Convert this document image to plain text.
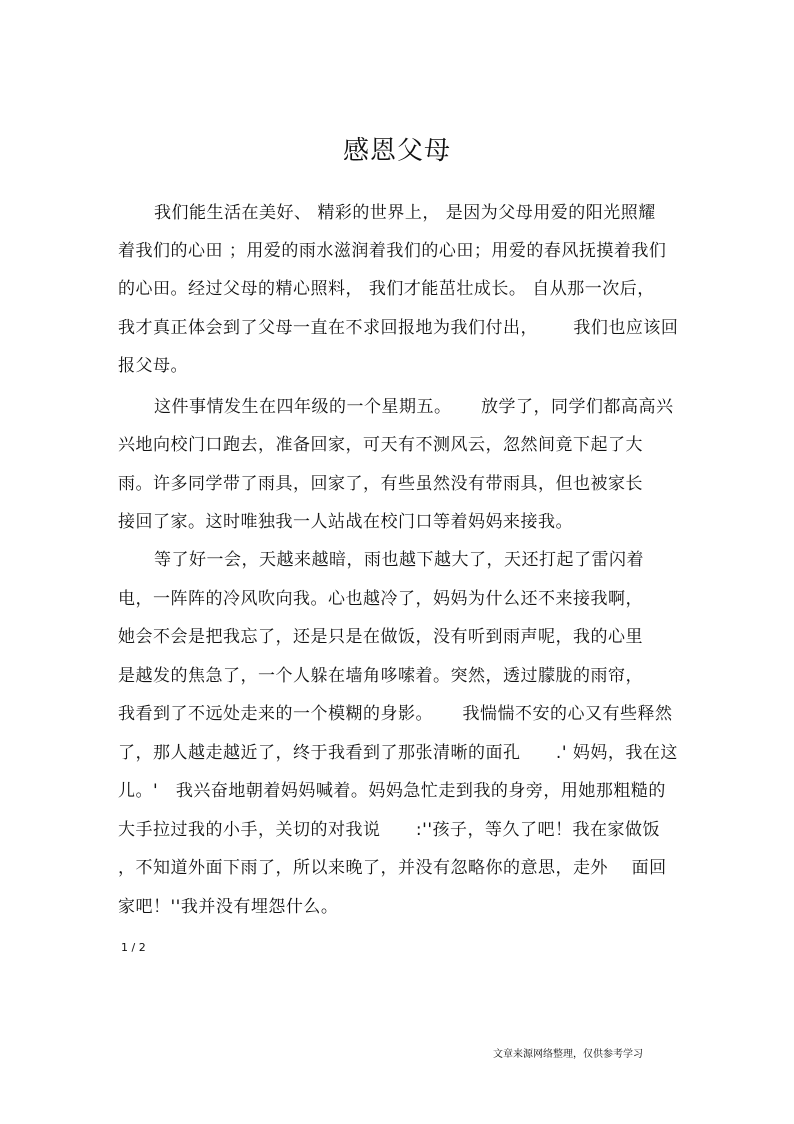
感恩父母
我们能生活在美好、 精彩的世界上， 是因为父母用爱的阳光照耀
着我们的心田 ；用爱的雨水滋润着我们的心田；用爱的春风抚摸着我们
的心田。经过父母的精心照料， 我们才能茁壮成长。 自从那一次后，
我才真正体会到了父母一直在不求回报地为我们付出，      我们也应该回
报父母。
这件事情发生在四年级的一个星期五。     放学了，同学们都高高兴
兴地向校门口跑去，准备回家，可天有不测风云，忽然间竟下起了大
雨。许多同学带了雨具，回家了，有些虽然没有带雨具，但也被家长
接回了家。这时唯独我一人站战在校门口等着妈妈来接我。
等了好一会，天越来越暗，雨也越下越大了，天还打起了雷闪着
电，一阵阵的冷风吹向我。心也越冷了，妈妈为什么还不来接我啊，
她会不会是把我忘了，还是只是在做饭，没有听到雨声呢，我的心里
是越发的焦急了，一个人躲在墙角哆嗦着。突然，透过朦胧的雨帘，
我看到了不远处走来的一个模糊的身影。     我惴惴不安的心又有些释然
了，那人越走越近了，终于我看到了那张清晰的面孔      .' 妈妈，我在这
儿。'   我兴奋地朝着妈妈喊着。妈妈急忙走到我的身旁，用她那粗糙的
大手拉过我的小手，关切的对我说      :''孩子，等久了吧！我在家做饭
，不知道外面下雨了，所以来晚了，并没有忽略你的意思，走外    面回
家吧！''我并没有埋怨什么。
1 / 2
文章来源网络整理，仅供参考学习
